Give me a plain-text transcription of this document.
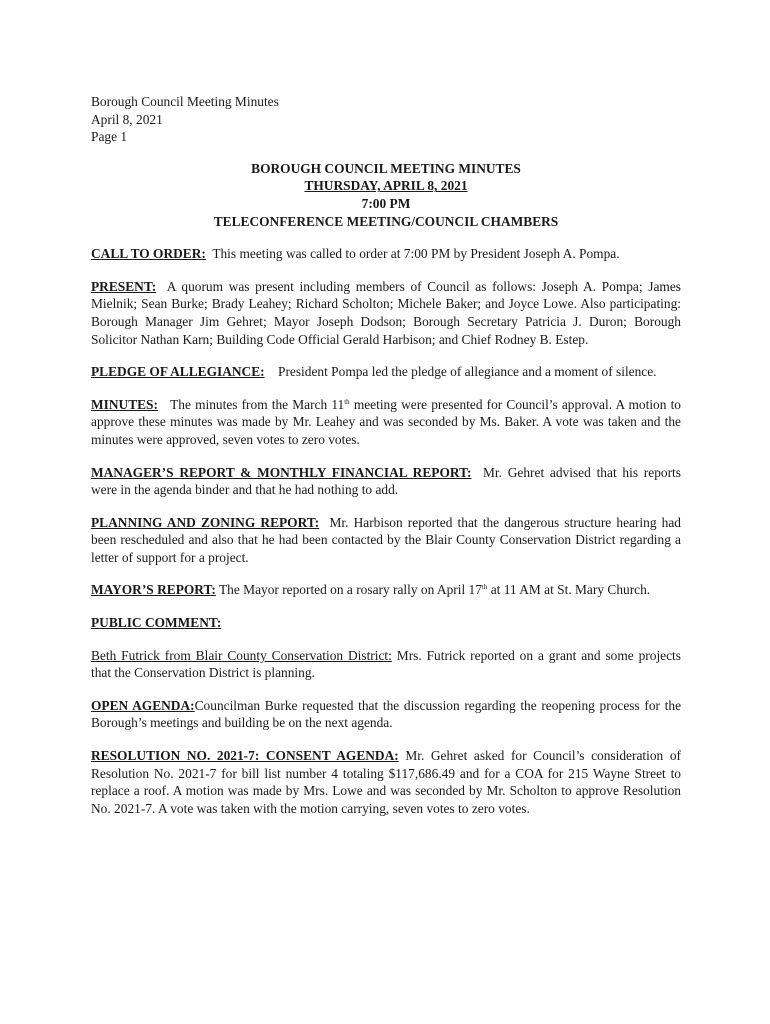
Borough Council Meeting Minutes
April 8, 2021
Page 1
BOROUGH COUNCIL MEETING MINUTES
THURSDAY, APRIL 8, 2021
7:00 PM
TELECONFERENCE MEETING/COUNCIL CHAMBERS
CALL TO ORDER: This meeting was called to order at 7:00 PM by President Joseph A. Pompa.
PRESENT: A quorum was present including members of Council as follows: Joseph A. Pompa; James Mielnik; Sean Burke; Brady Leahey; Richard Scholton; Michele Baker; and Joyce Lowe. Also participating: Borough Manager Jim Gehret; Mayor Joseph Dodson; Borough Secretary Patricia J. Duron; Borough Solicitor Nathan Karn; Building Code Official Gerald Harbison; and Chief Rodney B. Estep.
PLEDGE OF ALLEGIANCE: President Pompa led the pledge of allegiance and a moment of silence.
MINUTES: The minutes from the March 11th meeting were presented for Council’s approval. A motion to approve these minutes was made by Mr. Leahey and was seconded by Ms. Baker. A vote was taken and the minutes were approved, seven votes to zero votes.
MANAGER’S REPORT & MONTHLY FINANCIAL REPORT: Mr. Gehret advised that his reports were in the agenda binder and that he had nothing to add.
PLANNING AND ZONING REPORT: Mr. Harbison reported that the dangerous structure hearing had been rescheduled and also that he had been contacted by the Blair County Conservation District regarding a letter of support for a project.
MAYOR’S REPORT: The Mayor reported on a rosary rally on April 17th at 11 AM at St. Mary Church.
PUBLIC COMMENT:
Beth Futrick from Blair County Conservation District: Mrs. Futrick reported on a grant and some projects that the Conservation District is planning.
OPEN AGENDA:Councilman Burke requested that the discussion regarding the reopening process for the Borough’s meetings and building be on the next agenda.
RESOLUTION NO. 2021-7: CONSENT AGENDA: Mr. Gehret asked for Council’s consideration of Resolution No. 2021-7 for bill list number 4 totaling $117,686.49 and for a COA for 215 Wayne Street to replace a roof. A motion was made by Mrs. Lowe and was seconded by Mr. Scholton to approve Resolution No. 2021-7. A vote was taken with the motion carrying, seven votes to zero votes.
